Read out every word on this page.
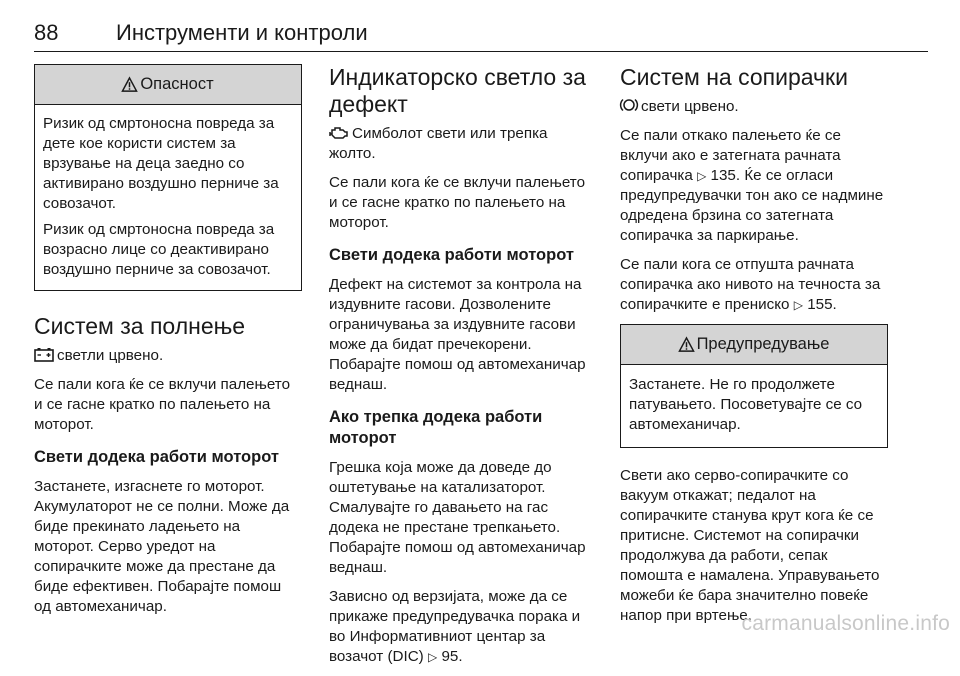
88	Инструменти и контроли
Опасност

Ризик од смртоносна повреда за дете кое користи систем за врзување на деца заедно со активирано воздушно перниче за совозачот.

Ризик од смртоносна повреда за возрасно лице со деактивирано воздушно перниче за совозачот.

Систем за полнење

светли црвено.

Се пали кога ќе се вклучи палењето и се гасне кратко по палењето на моторот.

Свети додека работи моторот

Застанете, изгаснете го моторот. Акумулаторот не се полни. Може да биде прекинато ладењето на моторот. Серво уредот на сопирачките може да престане да биде ефективен. Побарајте помош од автомеханичар.

Индикаторско светло за дефект

Симболот свети или трепка жолто.

Се пали кога ќе се вклучи палењето и се гасне кратко по палењето на моторот.

Свети додека работи моторот

Дефект на системот за контрола на издувните гасови. Дозволените ограничувања за издувните гасови може да бидат пречекорени. Побарајте помош од автомеханичар веднаш.

Ако трепка додека работи моторот

Грешка која може да доведе до оштетување на катализаторот. Смалувајте го давањето на гас додека не престане трепкањето. Побарајте помош од автомеханичар веднаш.

Зависно од верзијата, може да се прикаже предупредувачка порака и во Информативниот центар за возачот (DIC) ▷ 95.

Систем на сопирачки

свети црвено.

Се пали откако палењето ќе се вклучи ако е затегната рачната сопирачка ▷ 135. Ќе се огласи предупредувачки тон ако се надмине одредена брзина со затегната сопирачка за паркирање.

Се пали кога се отпушта рачната сопирачка ако нивото на течноста за сопирачките е прениско ▷ 155.

Предупредување

Застанете. Не го продолжете патувањето. Посоветувајте се со автомеханичар.

Свети ако серво-сопирачките со вакуум откажат; педалот на сопирачките станува крут кога ќе се притисне. Системот на сопирачки продолжува да работи, сепак помошта е намалена. Управувањето можеби ќе бара значително повеќе напор при вртење.

carmanualsonline.info
